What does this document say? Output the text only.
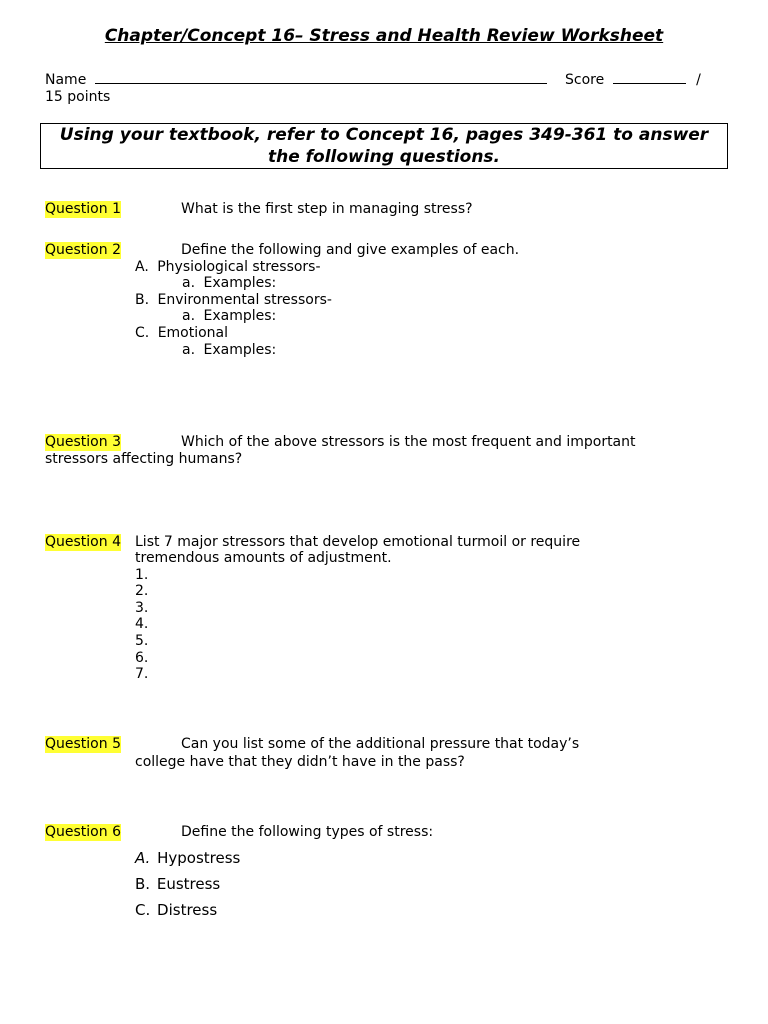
Chapter/Concept 16– Stress and Health Review Worksheet
Name	Score	/
15 points
Using your textbook, refer to Concept 16, pages 349-361 to answer
the following questions.
Question 1	What is the first step in managing stress?
Question 2	Define the following and give examples of each.
A. Physiological stressors-
a. Examples:
B. Environmental stressors-
a. Examples:
C. Emotional
a. Examples:
Question 3	Which of the above stressors is the most frequent and important
stressors affecting humans?
Question 4 List 7 major stressors that develop emotional turmoil or require
tremendous amounts of adjustment.
1.
2.
3.
4.
5.
6.
7.
Question 5	Can you list some of the additional pressure that today’s
college have that they didn’t have in the pass?
Question 6	Define the following types of stress:
A. Hypostress
B. Eustress
C. Distress
